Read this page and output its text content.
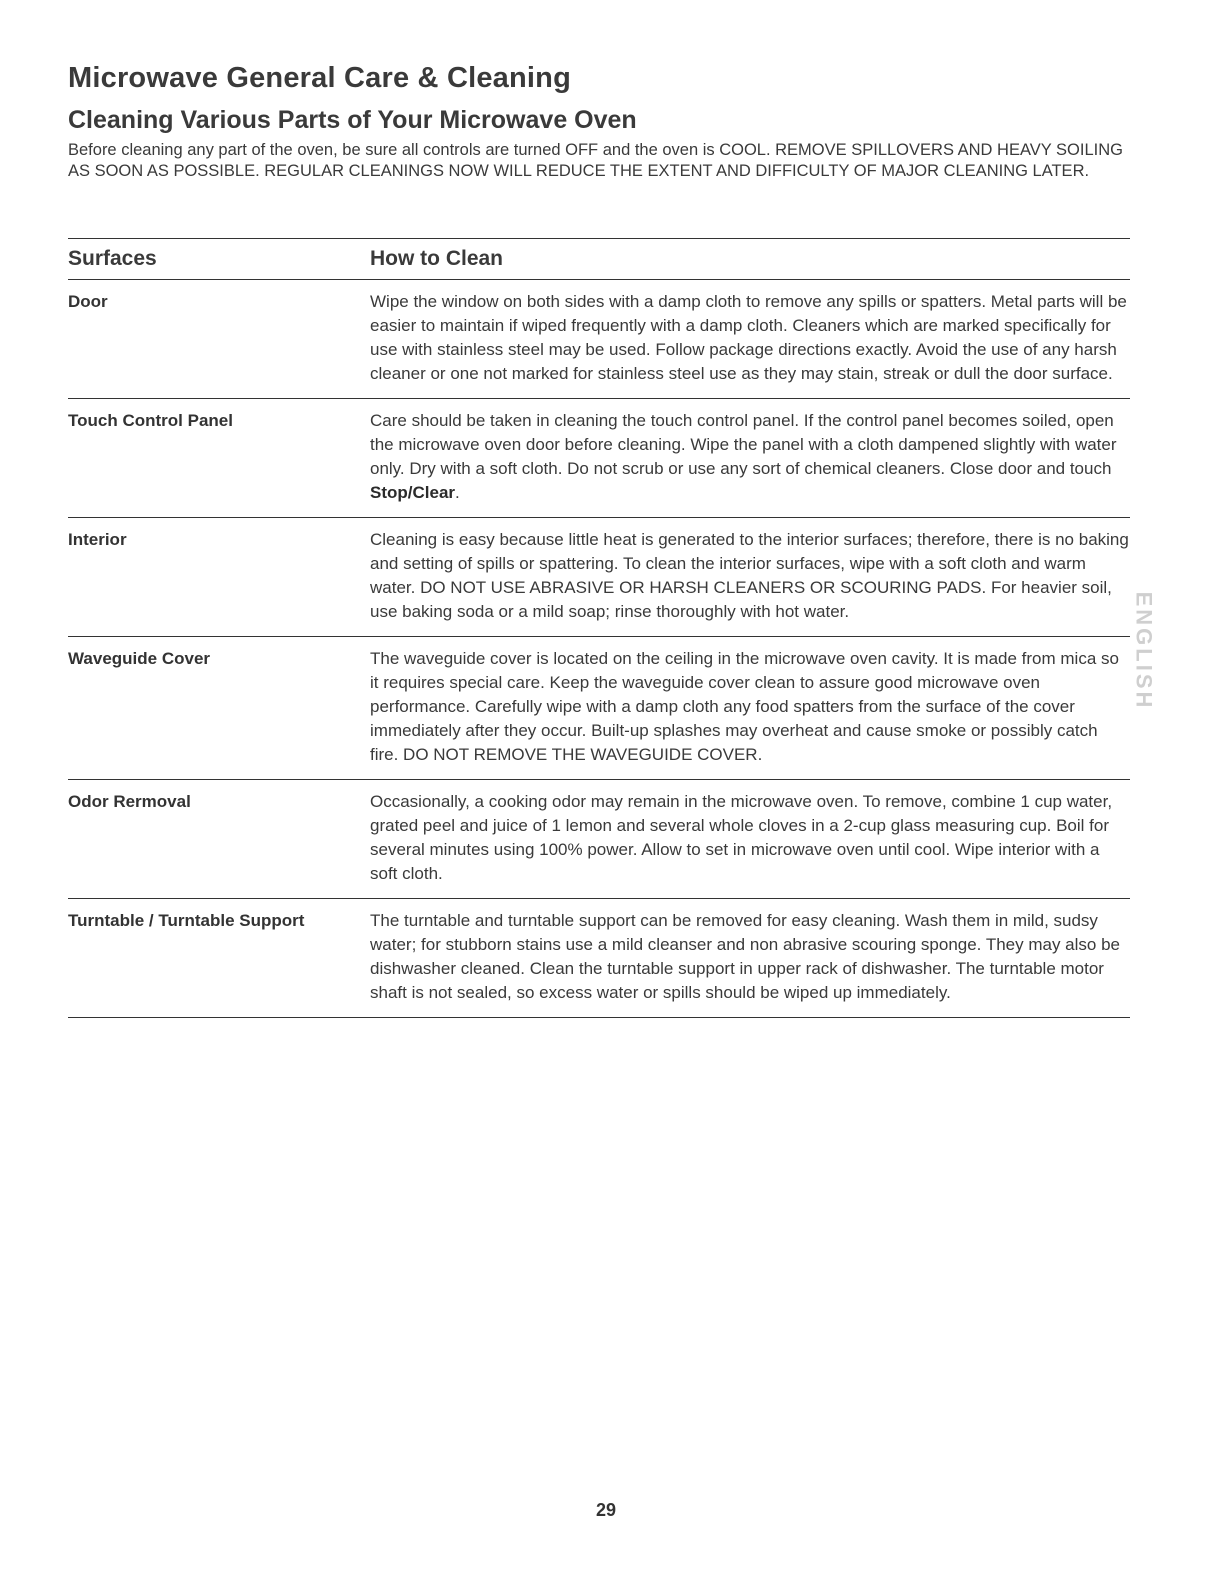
Microwave General Care & Cleaning
Cleaning Various Parts of Your Microwave Oven
Before cleaning any part of the oven, be sure all controls are turned OFF and the oven is COOL. REMOVE SPILLOVERS AND HEAVY SOILING AS SOON AS POSSIBLE. REGULAR CLEANINGS NOW WILL REDUCE THE EXTENT AND DIFFICULTY OF MAJOR CLEANING LATER.
Surfaces	How to Clean
Door	Wipe the window on both sides with a damp cloth to remove any spills or spatters. Metal parts will be easier to maintain if wiped frequently with a damp cloth. Cleaners which are marked specifically for use with stainless steel may be used. Follow package directions exactly. Avoid the use of any harsh cleaner or one not marked for stainless steel use as they may stain, streak or dull the door surface.
Touch Control Panel	Care should be taken in cleaning the touch control panel. If the control panel becomes soiled, open the microwave oven door before cleaning. Wipe the panel with a cloth dampened slightly with water only. Dry with a soft cloth. Do not scrub or use any sort of chemical cleaners. Close door and touch Stop/Clear.
Interior	Cleaning is easy because little heat is generated to the interior surfaces; therefore, there is no baking and setting of spills or spattering. To clean the interior surfaces, wipe with a soft cloth and warm water. DO NOT USE ABRASIVE OR HARSH CLEANERS OR SCOURING PADS. For heavier soil, use baking soda or a mild soap; rinse thoroughly with hot water.
Waveguide Cover	The waveguide cover is located on the ceiling in the microwave oven cavity. It is made from mica so it requires special care. Keep the waveguide cover clean to assure good microwave oven performance. Carefully wipe with a damp cloth any food spatters from the surface of the cover immediately after they occur. Built-up splashes may overheat and cause smoke or possibly catch fire. DO NOT REMOVE THE WAVEGUIDE COVER.
Odor Rermoval	Occasionally, a cooking odor may remain in the microwave oven. To remove, combine 1 cup water, grated peel and juice of 1 lemon and several whole cloves in a 2-cup glass measuring cup. Boil for several minutes using 100% power. Allow to set in microwave oven until cool. Wipe interior with a soft cloth.
Turntable / Turntable Support	The turntable and turntable support can be removed for easy cleaning. Wash them in mild, sudsy water; for stubborn stains use a mild cleanser and non abrasive scouring sponge. They may also be dishwasher cleaned. Clean the turntable support in upper rack of dishwasher. The turntable motor shaft is not sealed, so excess water or spills should be wiped up immediately.
ENGLISH
29
